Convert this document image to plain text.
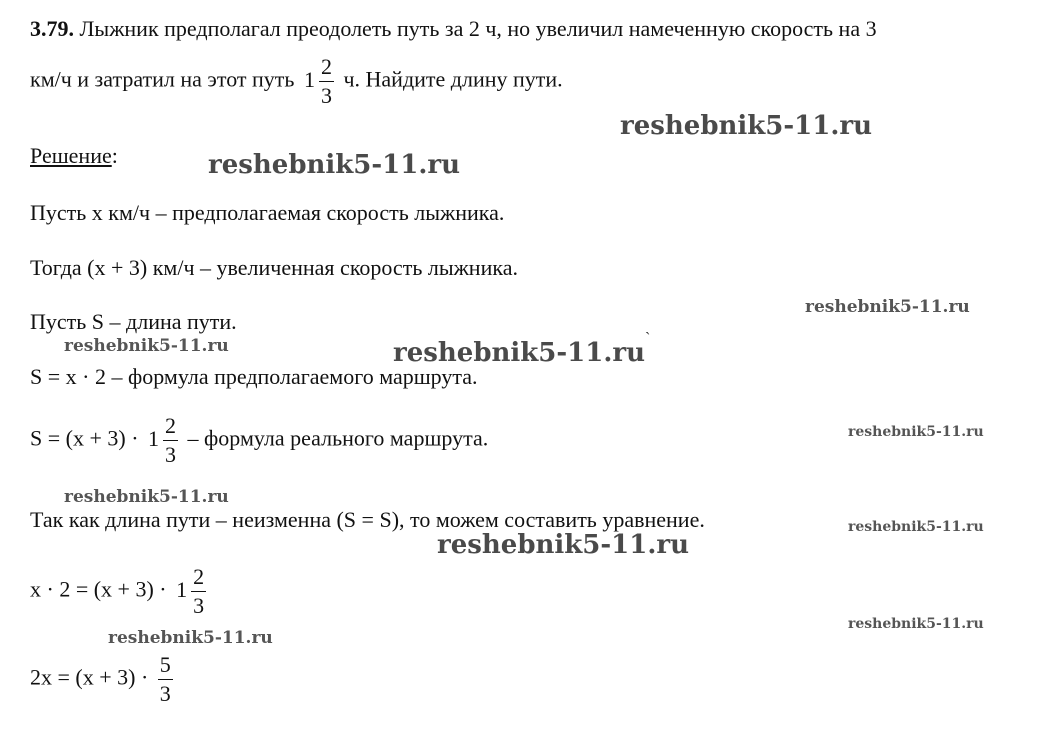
3.79. Лыжник предполагал преодолеть путь за 2 ч, но увеличил намеченную скорость на 3
км/ч и затратил на этот путь $1 \frac{2}{3} ч$. Найдите длину пути.
Решение:
Пусть x км/ч – предполагаемая скорость лыжника.
Тогда (x + 3) км/ч – увеличенная скорость лыжника.
Пусть S – длина пути.
S = x · 2 – формула предполагаемого маршрута.
$S = (x + 3) \cdot 1 \frac{2}{3}$ – формула реального маршрута.
Так как длина пути – неизменна (S = S), то можем составить уравнение.
$x \cdot 2 = (x + 3) \cdot 1 \frac{2}{3}$
$2x = (x + 3) \cdot \frac{5}{3}$
reshebnik5-11.ru
reshebnik5-11.ru
reshebnik5-11.ru
reshebnik5-11.ru	reshebnik5-11.ru
reshebnik5-11.ru
reshebnik5-11.ru
reshebnik5-11.ru
reshebnik5-11.ru
reshebnik5-11.ru
reshebnik5-11.ru
ˎ
